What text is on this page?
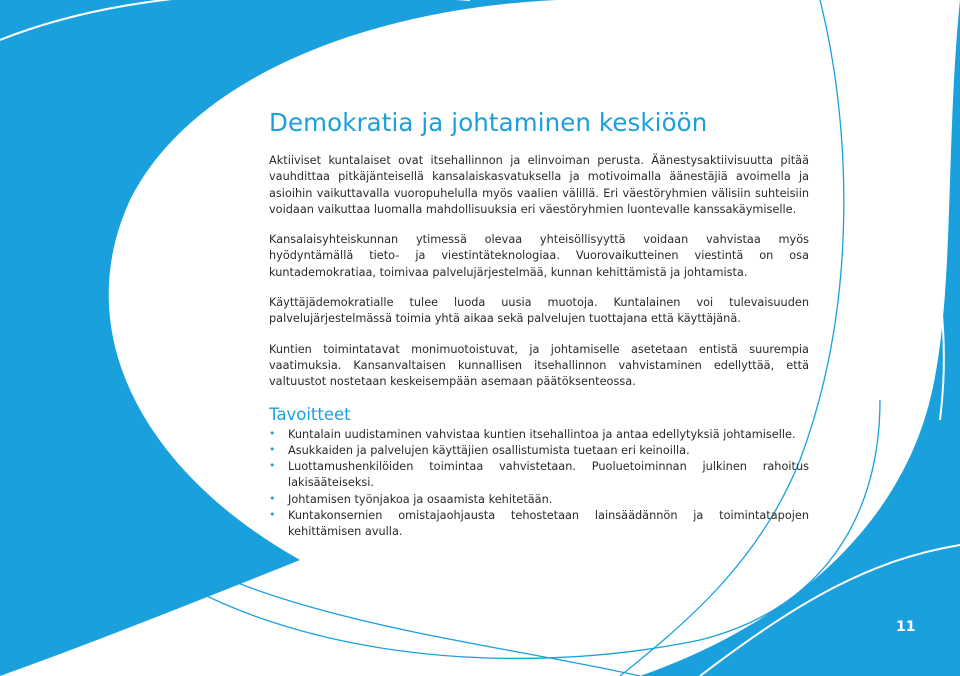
Demokratia ja johtaminen keskiöön

Aktiiviset kuntalaiset ovat itsehallinnon ja elinvoiman perusta. Äänestysaktiivisuutta pitää vauhdittaa pitkäjänteisellä kansalaiskasvatuksella ja motivoimalla äänestäjiä avoimella ja asioihin vaikuttavalla vuoropuhelulla myös vaalien välillä. Eri väestöryhmien välisiin suhteisiin voidaan vaikuttaa luomalla mahdollisuuksia eri väestöryhmien luontevalle kanssakäymiselle.

Kansalaisyhteiskunnan ytimessä olevaa yhteisöllisyyttä voidaan vahvistaa myös hyödyntämällä tieto- ja viestintäteknologiaa. Vuorovaikutteinen viestintä on osa kuntademokratiaa, toimivaa palvelujärjestelmää, kunnan kehittämistä ja johtamista.

Käyttäjädemokratialle tulee luoda uusia muotoja. Kuntalainen voi tulevaisuuden palvelujärjestelmässä toimia yhtä aikaa sekä palvelujen tuottajana että käyttäjänä.

Kuntien toimintatavat monimuotoistuvat, ja johtamiselle asetetaan entistä suurempia vaatimuksia. Kansanvaltaisen kunnallisen itsehallinnon vahvistaminen edellyttää, että valtuustot nostetaan keskeisempään asemaan päätöksenteossa.

Tavoitteet
• Kuntalain uudistaminen vahvistaa kuntien itsehallintoa ja antaa edellytyksiä johtamiselle.
• Asukkaiden ja palvelujen käyttäjien osallistumista tuetaan eri keinoilla.
• Luottamushenkilöiden toimintaa vahvistetaan. Puoluetoiminnan julkinen rahoitus lakisääteiseksi.
• Johtamisen työnjakoa ja osaamista kehitetään.
• Kuntakonsernien omistajaohjausta tehostetaan lainsäädännön ja toimintatapojen kehittämisen avulla.
11
